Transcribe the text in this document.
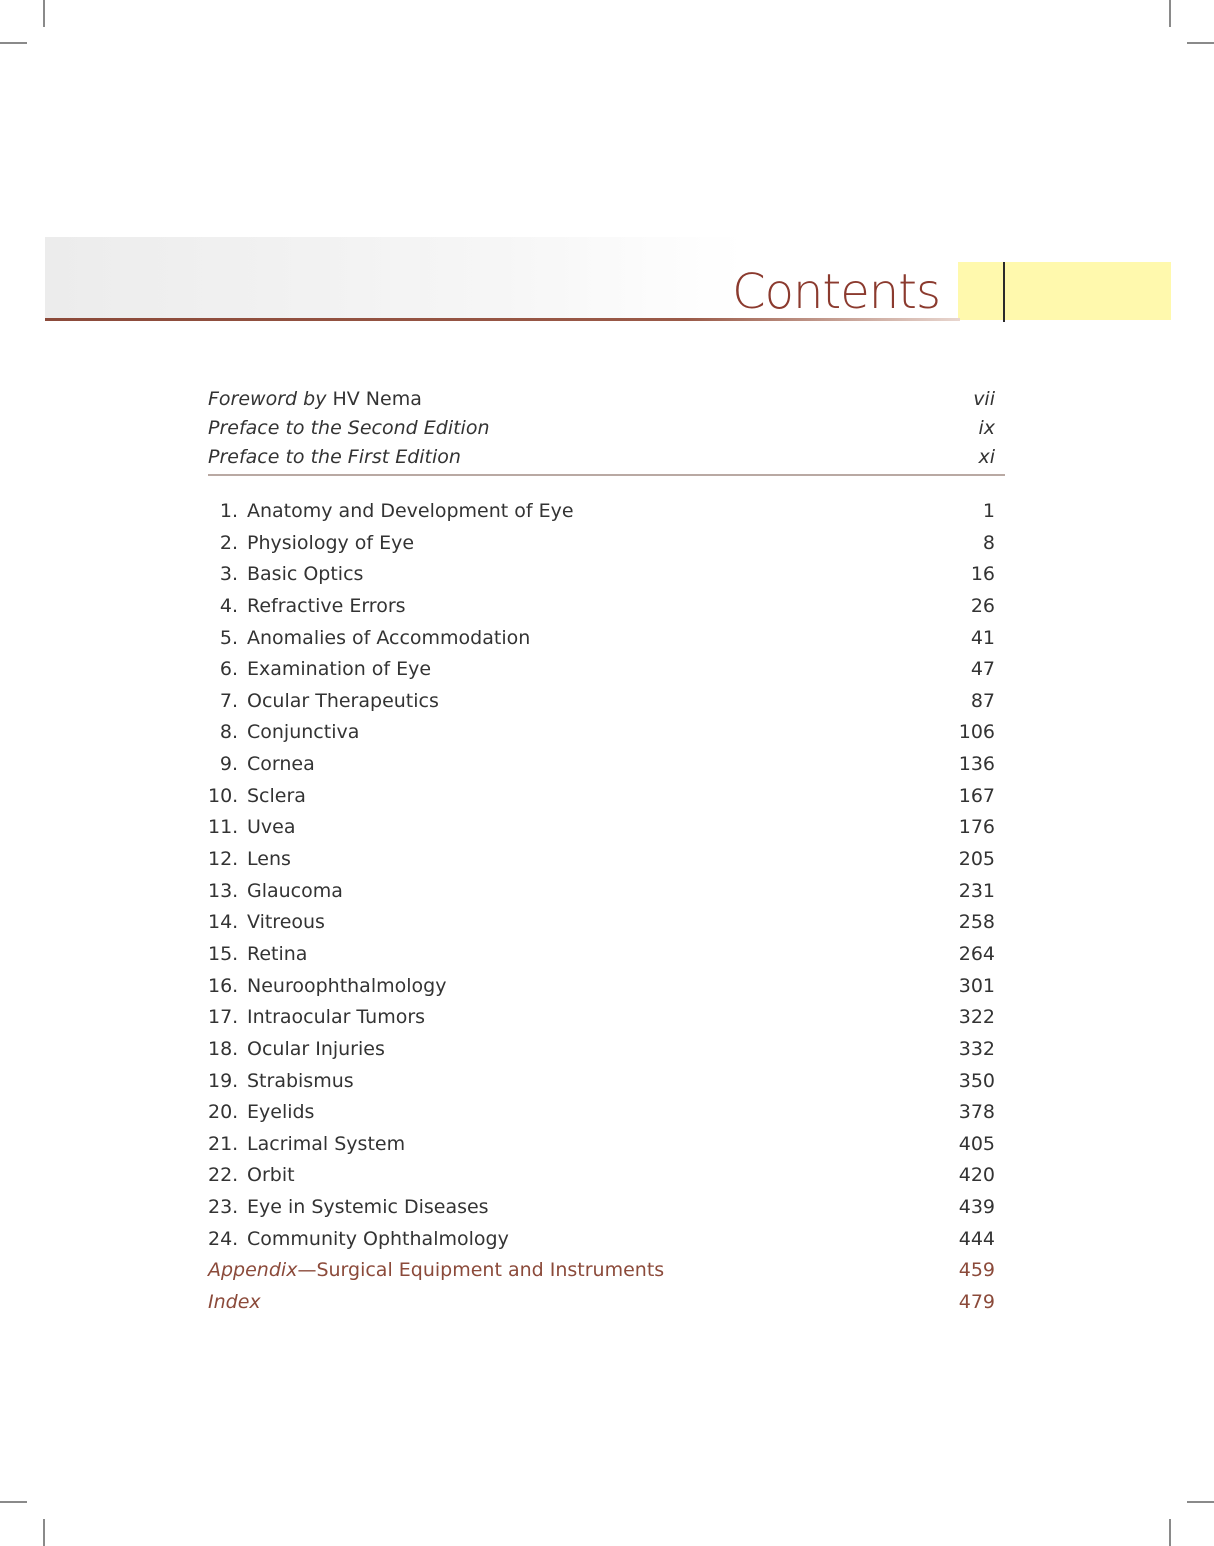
Contents
Foreword by HV Nema	vii
Preface to the Second Edition	ix
Preface to the First Edition	xi
1. Anatomy and Development of Eye	1
2. Physiology of Eye	8
3. Basic Optics	16
4. Refractive Errors	26
5. Anomalies of Accommodation	41
6. Examination of Eye	47
7. Ocular Therapeutics	87
8. Conjunctiva	106
9. Cornea	136
10. Sclera	167
11. Uvea	176
12. Lens	205
13. Glaucoma	231
14. Vitreous	258
15. Retina	264
16. Neuroophthalmology	301
17. Intraocular Tumors	322
18. Ocular Injuries	332
19. Strabismus	350
20. Eyelids	378
21. Lacrimal System	405
22. Orbit	420
23. Eye in Systemic Diseases	439
24. Community Ophthalmology	444
Appendix—Surgical Equipment and Instruments	459
Index	479
